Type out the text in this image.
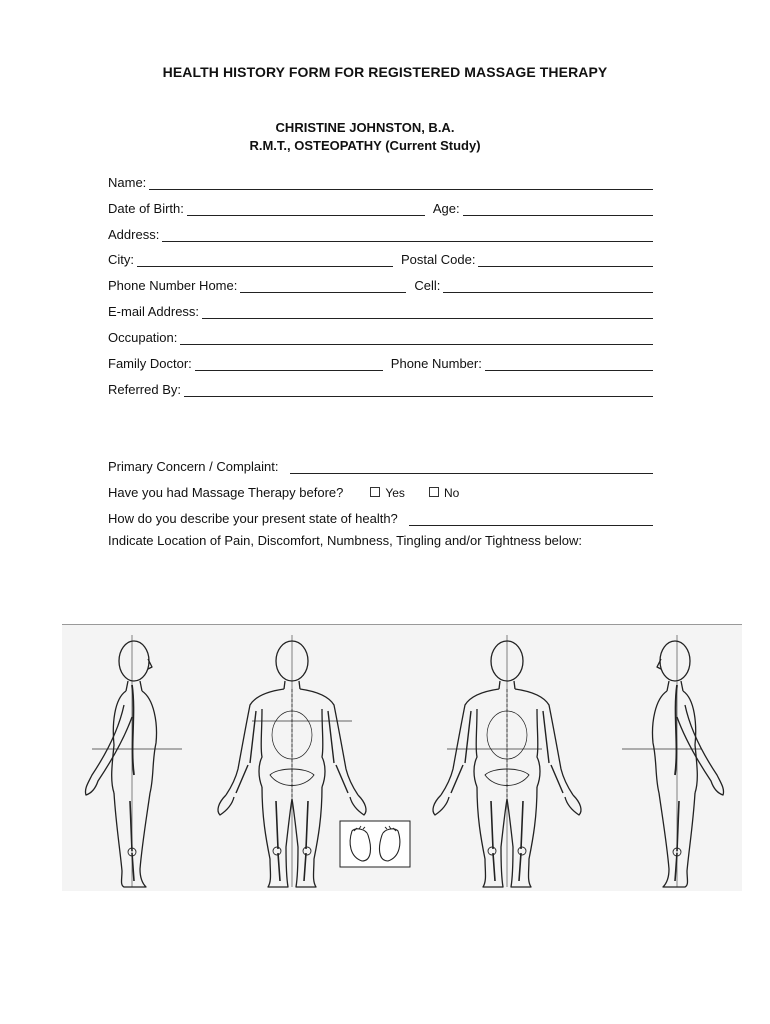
HEALTH HISTORY FORM FOR REGISTERED MASSAGE THERAPY
CHRISTINE JOHNSTON, B.A.
R.M.T., OSTEOPATHY (Current Study)
Name:
Date of Birth:	Age:
Address:
City:	Postal Code:
Phone Number Home:	Cell:
E-mail Address:
Occupation:
Family Doctor:	Phone Number:
Referred By:
Primary Concern / Complaint:
Have you had Massage Therapy before?	Yes	No
How do you describe your present state of health?
Indicate Location of Pain, Discomfort, Numbness, Tingling and/or Tightness below:
